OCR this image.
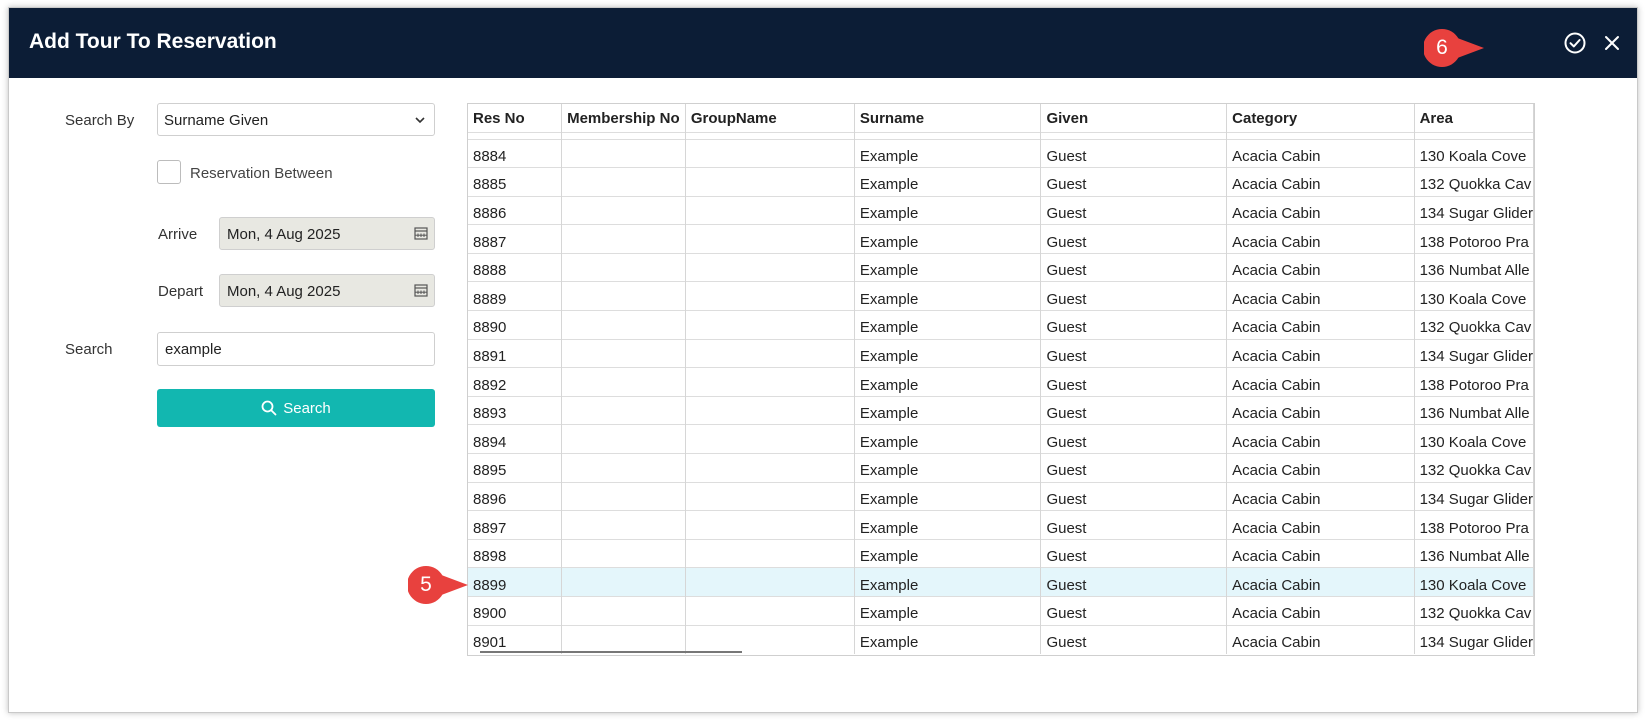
Add Tour To Reservation
Search By	Surname Given
Reservation Between
Arrive	Mon, 4 Aug 2025
Depart	Mon, 4 Aug 2025
Search	example
Search
Res No	Membership No	GroupName	Surname	Given	Category	Area

8884			Example	Guest	Acacia Cabin	130 Koala Cove
8885			Example	Guest	Acacia Cabin	132 Quokka Cav
8886			Example	Guest	Acacia Cabin	134 Sugar Glider
8887			Example	Guest	Acacia Cabin	138 Potoroo Pra
8888			Example	Guest	Acacia Cabin	136 Numbat Alle
8889			Example	Guest	Acacia Cabin	130 Koala Cove
8890			Example	Guest	Acacia Cabin	132 Quokka Cav
8891			Example	Guest	Acacia Cabin	134 Sugar Glider
8892			Example	Guest	Acacia Cabin	138 Potoroo Pra
8893			Example	Guest	Acacia Cabin	136 Numbat Alle
8894			Example	Guest	Acacia Cabin	130 Koala Cove
8895			Example	Guest	Acacia Cabin	132 Quokka Cav
8896			Example	Guest	Acacia Cabin	134 Sugar Glider
8897			Example	Guest	Acacia Cabin	138 Potoroo Pra
8898			Example	Guest	Acacia Cabin	136 Numbat Alle
8899			Example	Guest	Acacia Cabin	130 Koala Cove
8900			Example	Guest	Acacia Cabin	132 Quokka Cav
8901			Example	Guest	Acacia Cabin	134 Sugar Glider
6
5
